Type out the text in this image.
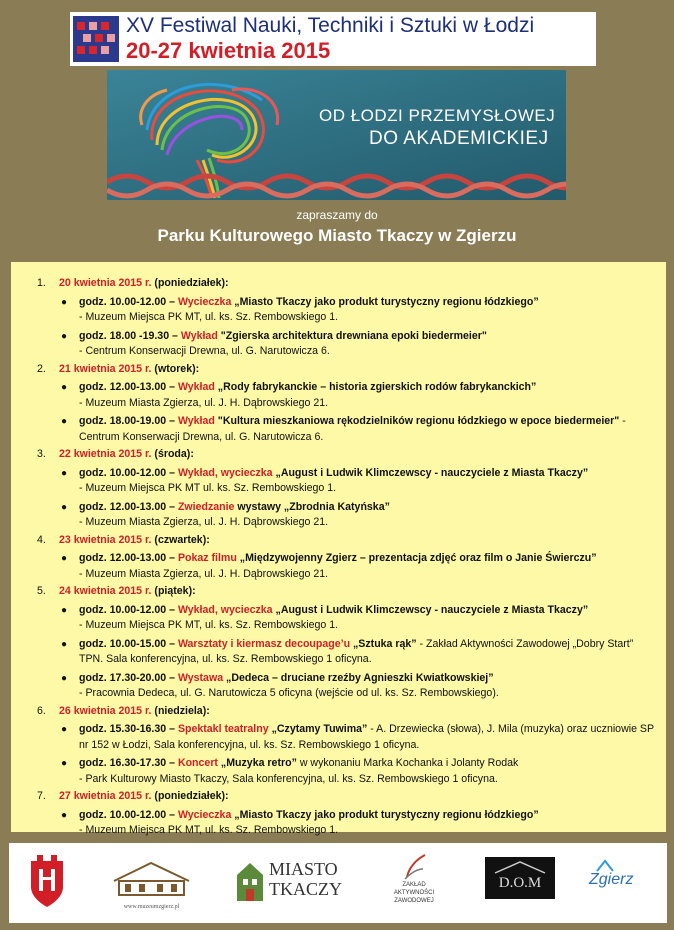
XV Festiwal Nauki, Techniki i Sztuki w Łodzi
20-27 kwietnia 2015
OD ŁODZI PRZEMYSŁOWEJ
DO AKADEMICKIEJ
zapraszamy do
Parku Kulturowego Miasto Tkaczy w Zgierzu
1. 20 kwietnia 2015 r. (poniedziałek):
● godz. 10.00-12.00 – Wycieczka „Miasto Tkaczy jako produkt turystyczny regionu łódzkiego”
- Muzeum Miejsca PK MT, ul. ks. Sz. Rembowskiego 1.
● godz. 18.00 -19.30 – Wykład "Zgierska architektura drewniana epoki biedermeier"
- Centrum Konserwacji Drewna, ul. G. Narutowicza 6.
2. 21 kwietnia 2015 r. (wtorek):
● godz. 12.00-13.00 – Wykład „Rody fabrykanckie – historia zgierskich rodów fabrykanckich”
- Muzeum Miasta Zgierza, ul. J. H. Dąbrowskiego 21.
● godz. 18.00-19.00 – Wykład "Kultura mieszkaniowa rękodzielników regionu łódzkiego w epoce biedermeier" - Centrum Konserwacji Drewna, ul. G. Narutowicza 6.
3. 22 kwietnia 2015 r. (środa):
● godz. 10.00-12.00 – Wykład, wycieczka „August i Ludwik Klimczewscy - nauczyciele z Miasta Tkaczy”
- Muzeum Miejsca PK MT ul. ks. Sz. Rembowskiego 1.
● godz. 12.00-13.00 – Zwiedzanie wystawy „Zbrodnia Katyńska”
- Muzeum Miasta Zgierza, ul. J. H. Dąbrowskiego 21.
4. 23 kwietnia 2015 r. (czwartek):
● godz. 12.00-13.00 – Pokaz filmu „Międzywojenny Zgierz – prezentacja zdjęć oraz film o Janie Świerczu”
- Muzeum Miasta Zgierza, ul. J. H. Dąbrowskiego 21.
5. 24 kwietnia 2015 r. (piątek):
● godz. 10.00-12.00 – Wykład, wycieczka „August i Ludwik Klimczewscy - nauczyciele z Miasta Tkaczy”
- Muzeum Miejsca PK MT, ul. ks. Sz. Rembowskiego 1.
● godz. 10.00-15.00 – Warsztaty i kiermasz decoupage’u „Sztuka rąk” - Zakład Aktywności Zawodowej „Dobry Start” TPN. Sala konferencyjna, ul. ks. Sz. Rembowskiego 1 oficyna.
● godz. 17.30-20.00 – Wystawa „Dedeca – druciane rzeźby Agnieszki Kwiatkowskiej”
- Pracownia Dedeca, ul. G. Narutowicza 5 oficyna (wejście od ul. ks. Sz. Rembowskiego).
6. 26 kwietnia 2015 r. (niedziela):
● godz. 15.30-16.30 – Spektakl teatralny „Czytamy Tuwima” - A. Drzewiecka (słowa), J. Mila (muzyka) oraz uczniowie SP nr 152 w Łodzi, Sala konferencyjna, ul. ks. Sz. Rembowskiego 1 oficyna.
● godz. 16.30-17.30 – Koncert „Muzyka retro” w wykonaniu Marka Kochanka i Jolanty Rodak
- Park Kulturowy Miasto Tkaczy, Sala konferencyjna, ul. ks. Sz. Rembowskiego 1 oficyna.
7. 27 kwietnia 2015 r. (poniedziałek):
● godz. 10.00-12.00 – Wycieczka „Miasto Tkaczy jako produkt turystyczny regionu łódzkiego”
- Muzeum Miejsca PK MT, ul. ks. Sz. Rembowskiego 1.
www.muzeumzgierz.pl
MIASTO
TKACZY	ZAKŁAD
AKTYWNOŚCI
ZAWODOWEJ
D.O.M	Zgierz
